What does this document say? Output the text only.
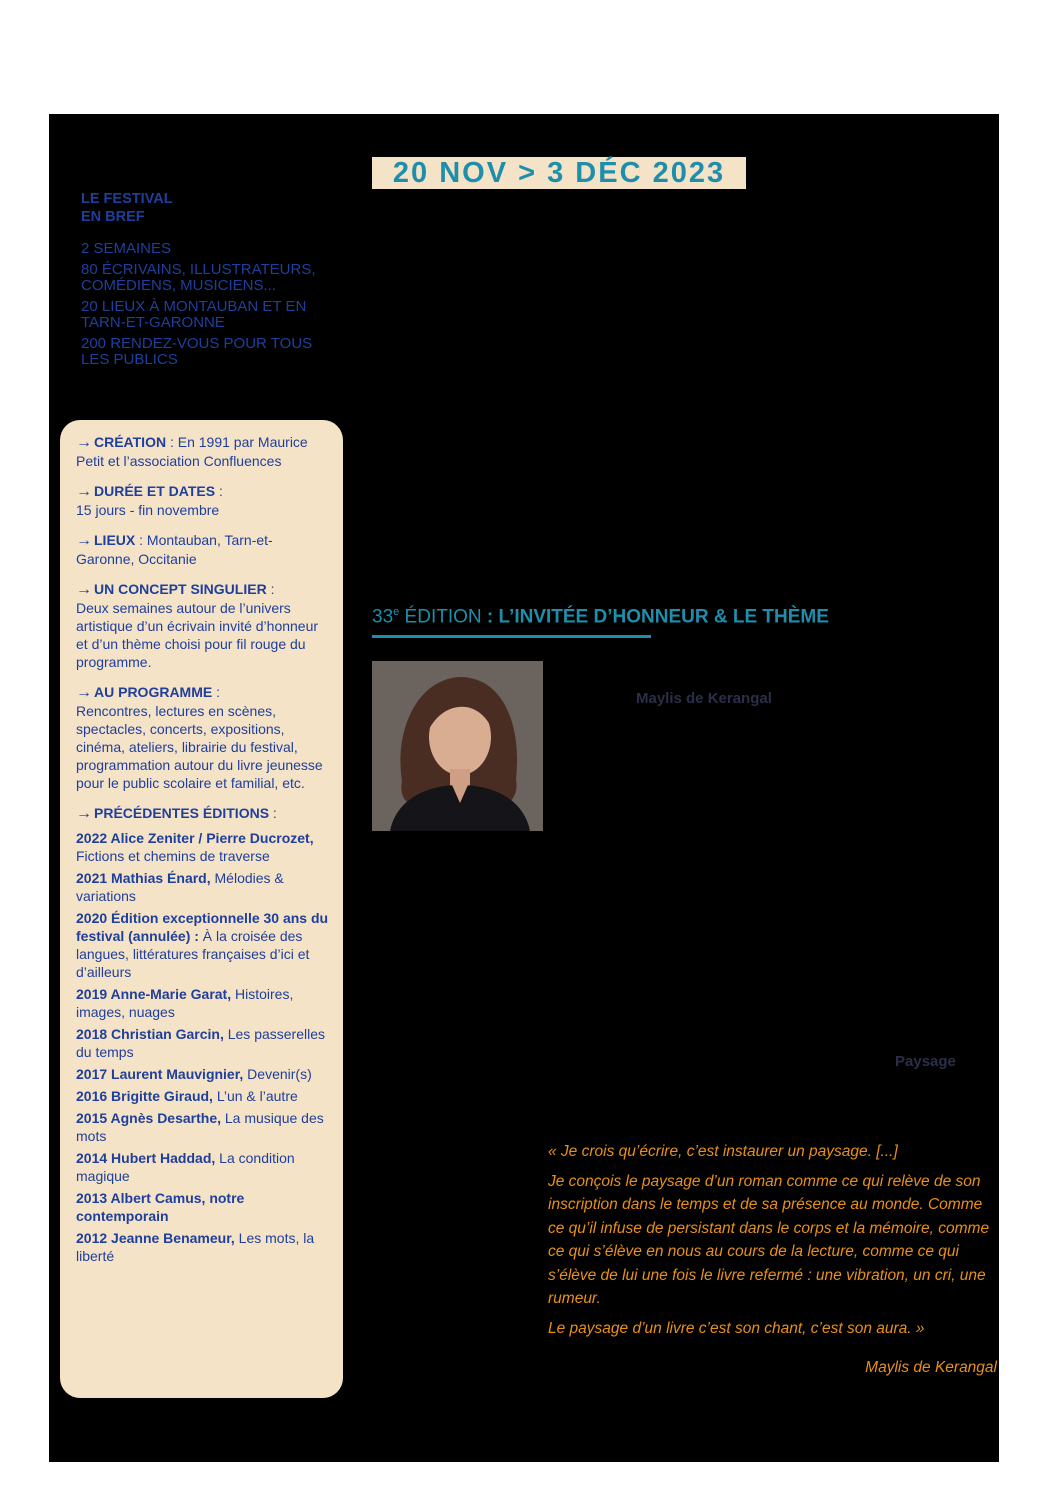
20 NOV > 3 DÉC 2023
LE FESTIVAL
EN BREF
2 SEMAINES
80 ÉCRIVAINS, ILLUSTRATEURS, COMÉDIENS, MUSICIENS...
20 LIEUX À MONTAUBAN ET EN TARN-ET-GARONNE
200 RENDEZ-VOUS POUR TOUS LES PUBLICS
→ CRÉATION : En 1991 par Maurice Petit et l’association Confluences
→ DURÉE ET DATES :
15 jours - fin novembre
→ LIEUX : Montauban, Tarn-et-Garonne, Occitanie
→ UN CONCEPT SINGULIER :
Deux semaines autour de l’univers artistique d’un écrivain invité d’honneur et d’un thème choisi pour fil rouge du programme.
→ AU PROGRAMME :
Rencontres, lectures en scènes, spectacles, concerts, expositions, cinéma, ateliers, librairie du festival, programmation autour du livre jeunesse pour le public scolaire et familial, etc.
→ PRÉCÉDENTES ÉDITIONS :
2022 Alice Zeniter / Pierre Ducrozet, Fictions et chemins de traverse
2021 Mathias Énard, Mélodies & variations
2020 Édition exceptionnelle 30 ans du festival (annulée) : À la croisée des langues, littératures françaises d’ici et d’ailleurs
2019 Anne-Marie Garat, Histoires, images, nuages
2018 Christian Garcin, Les passerelles du temps
2017 Laurent Mauvignier, Devenir(s)
2016 Brigitte Giraud, L’un & l’autre
2015 Agnès Desarthe, La musique des mots
2014 Hubert Haddad, La condition magique
2013 Albert Camus, notre contemporain
2012 Jeanne Benameur, Les mots, la liberté
33e ÉDITION : L’INVITÉE D’HONNEUR & LE THÈME
Maylis de Kerangal
Paysage

« Je crois qu’écrire, c’est instaurer un paysage. [...]

Je conçois le paysage d’un roman comme ce qui relève de son inscription dans le temps et de sa présence au monde. Comme ce qu’il infuse de persistant dans le corps et la mémoire, comme ce qui s’élève en nous au cours de la lecture, comme ce qui s’élève de lui une fois le livre refermé : une vibration, un cri, une rumeur.

Le paysage d’un livre c’est son chant, c’est son aura. »

Maylis de Kerangal
